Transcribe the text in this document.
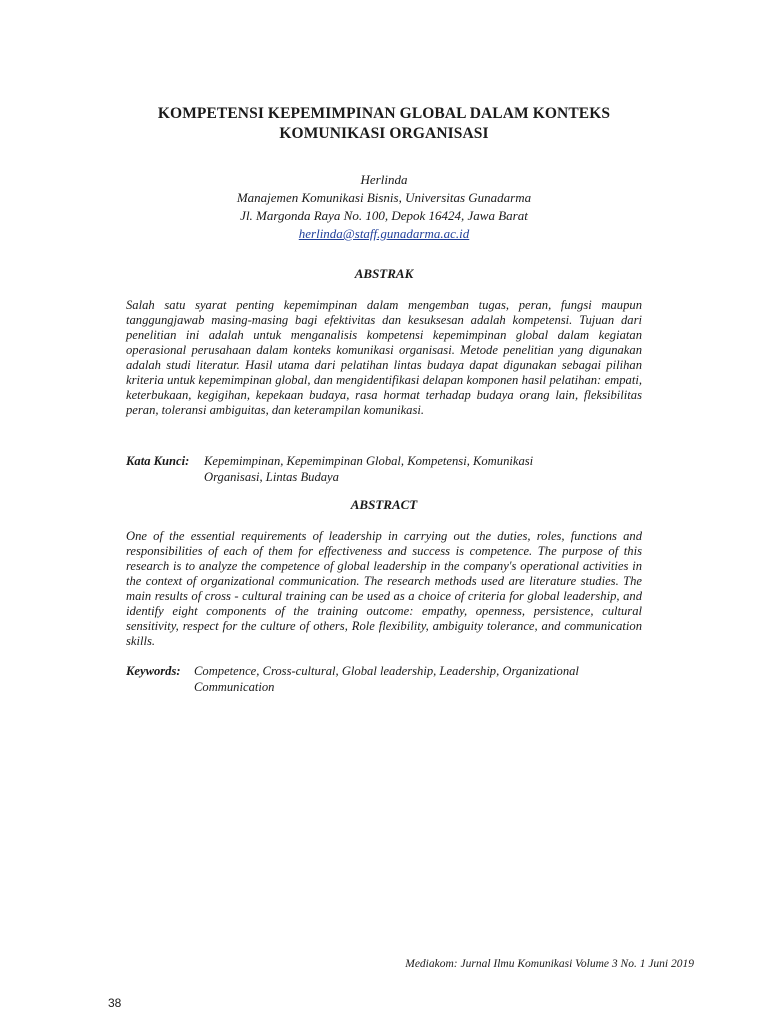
KOMPETENSI KEPEMIMPINAN GLOBAL DALAM KONTEKS
KOMUNIKASI ORGANISASI
Herlinda
Manajemen Komunikasi Bisnis, Universitas Gunadarma
Jl. Margonda Raya No. 100, Depok 16424, Jawa Barat
herlinda@staff.gunadarma.ac.id
ABSTRAK
Salah satu syarat penting kepemimpinan dalam mengemban tugas, peran, fungsi maupun tanggungjawab masing-masing bagi efektivitas dan kesuksesan adalah kompetensi. Tujuan dari penelitian ini adalah untuk menganalisis kompetensi kepemimpinan global dalam kegiatan operasional perusahaan dalam konteks komunikasi organisasi. Metode penelitian yang digunakan adalah studi literatur. Hasil utama dari pelatihan lintas budaya dapat digunakan sebagai pilihan kriteria untuk kepemimpinan global, dan mengidentifikasi delapan komponen hasil pelatihan: empati, keterbukaan, kegigihan, kepekaan budaya, rasa hormat terhadap budaya orang lain, fleksibilitas peran, toleransi ambiguitas, dan keterampilan komunikasi.
Kata Kunci:	Kepemimpinan, Kepemimpinan Global, Kompetensi, Komunikasi
Organisasi, Lintas Budaya
ABSTRACT
One of the essential requirements of leadership in carrying out the duties, roles, functions and responsibilities of each of them for effectiveness and success is competence. The purpose of this research is to analyze the competence of global leadership in the company's operational activities in the context of organizational communication. The research methods used are literature studies. The main results of cross - cultural training can be used as a choice of criteria for global leadership, and identify eight components of the training outcome: empathy, openness, persistence, cultural sensitivity, respect for the culture of others, Role flexibility, ambiguity tolerance, and communication skills.
Keywords:	Competence, Cross-cultural, Global leadership, Leadership, Organizational
Communication
Mediakom: Jurnal Ilmu Komunikasi Volume 3 No. 1 Juni 2019
38
